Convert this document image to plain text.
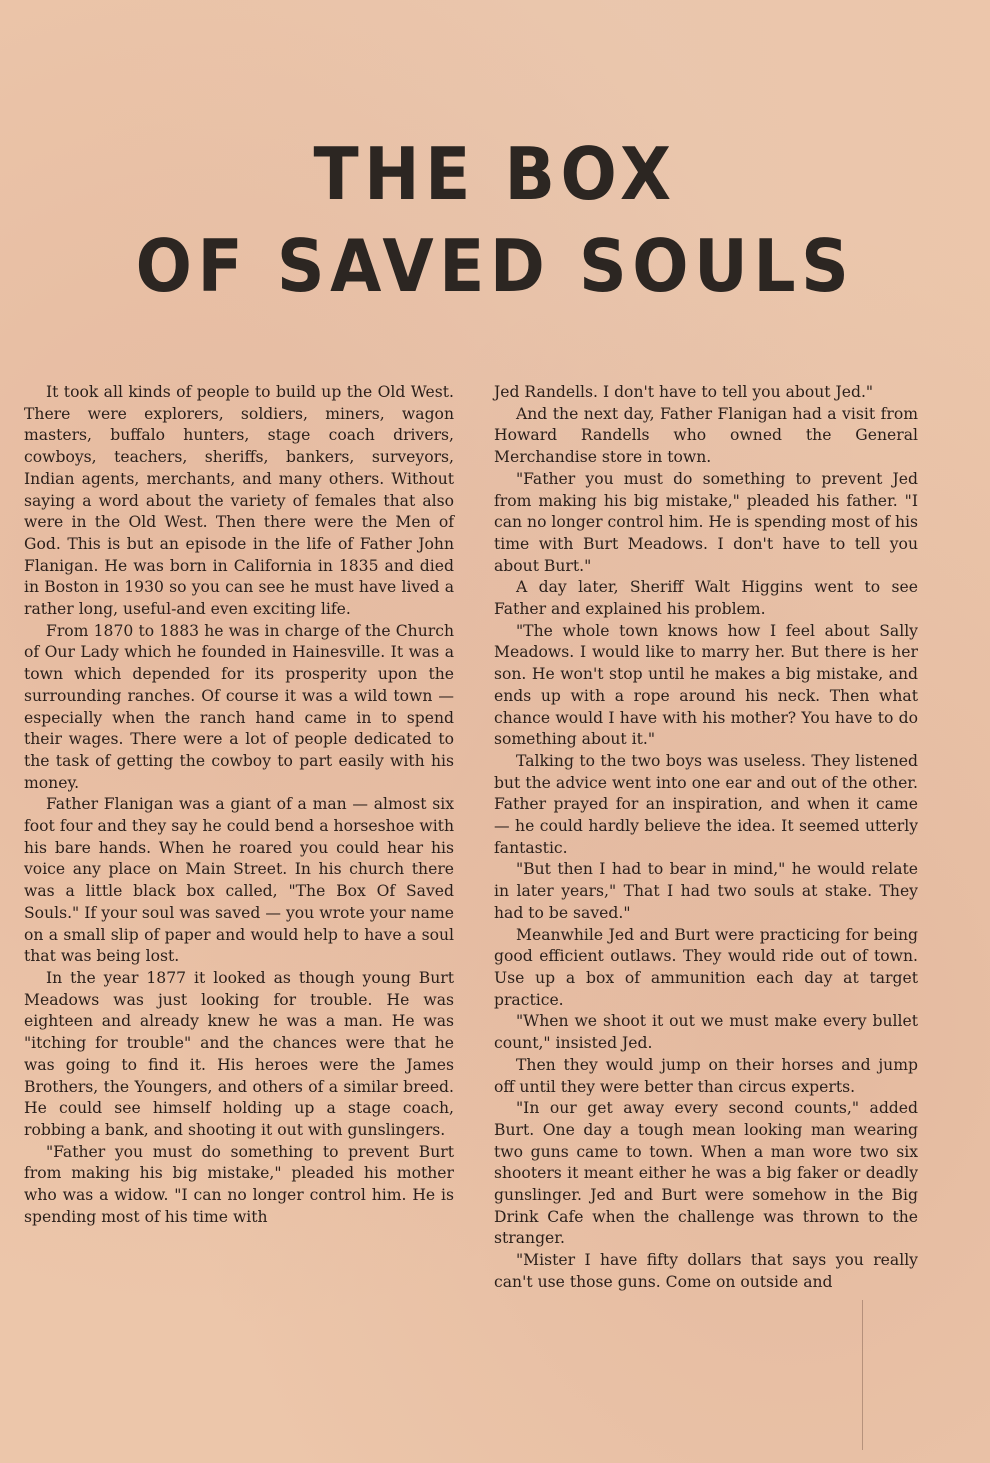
THE BOX
OF SAVED SOULS

It took all kinds of people to build up the Old West. There were explorers, soldiers, miners, wagon masters, buffalo hunters, stage coach drivers, cowboys, teachers, sheriffs, bankers, surveyors, Indian agents, merchants, and many others. Without saying a word about the variety of females that also were in the Old West. Then there were the Men of God. This is but an episode in the life of Father John Flanigan. He was born in California in 1835 and died in Boston in 1930 so you can see he must have lived a rather long, useful-and even exciting life.

From 1870 to 1883 he was in charge of the Church of Our Lady which he founded in Hainesville. It was a town which depended for its prosperity upon the surrounding ranches. Of course it was a wild town — especially when the ranch hand came in to spend their wages. There were a lot of people dedicated to the task of getting the cowboy to part easily with his money.

Father Flanigan was a giant of a man — almost six foot four and they say he could bend a horseshoe with his bare hands. When he roared you could hear his voice any place on Main Street. In his church there was a little black box called, "The Box Of Saved Souls." If your soul was saved — you wrote your name on a small slip of paper and would help to have a soul that was being lost.

In the year 1877 it looked as though young Burt Meadows was just looking for trouble. He was eighteen and already knew he was a man. He was "itching for trouble" and the chances were that he was going to find it. His heroes were the James Brothers, the Youngers, and others of a similar breed. He could see himself holding up a stage coach, robbing a bank, and shooting it out with gunslingers.

"Father you must do something to prevent Burt from making his big mistake," pleaded his mother who was a widow. "I can no longer control him. He is spending most of his time with

Jed Randells. I don't have to tell you about Jed."

And the next day, Father Flanigan had a visit from Howard Randells who owned the General Merchandise store in town.

"Father you must do something to prevent Jed from making his big mistake," pleaded his father. "I can no longer control him. He is spending most of his time with Burt Meadows. I don't have to tell you about Burt."

A day later, Sheriff Walt Higgins went to see Father and explained his problem.

"The whole town knows how I feel about Sally Meadows. I would like to marry her. But there is her son. He won't stop until he makes a big mistake, and ends up with a rope around his neck. Then what chance would I have with his mother? You have to do something about it."

Talking to the two boys was useless. They listened but the advice went into one ear and out of the other. Father prayed for an inspiration, and when it came — he could hardly believe the idea. It seemed utterly fantastic.

"But then I had to bear in mind," he would relate in later years," That I had two souls at stake. They had to be saved."

Meanwhile Jed and Burt were practicing for being good efficient outlaws. They would ride out of town. Use up a box of ammunition each day at target practice.

"When we shoot it out we must make every bullet count," insisted Jed.

Then they would jump on their horses and jump off until they were better than circus experts.

"In our get away every second counts," added Burt. One day a tough mean looking man wearing two guns came to town. When a man wore two six shooters it meant either he was a big faker or deadly gunslinger. Jed and Burt were somehow in the Big Drink Cafe when the challenge was thrown to the stranger.

"Mister I have fifty dollars that says you really can't use those guns. Come on outside and
